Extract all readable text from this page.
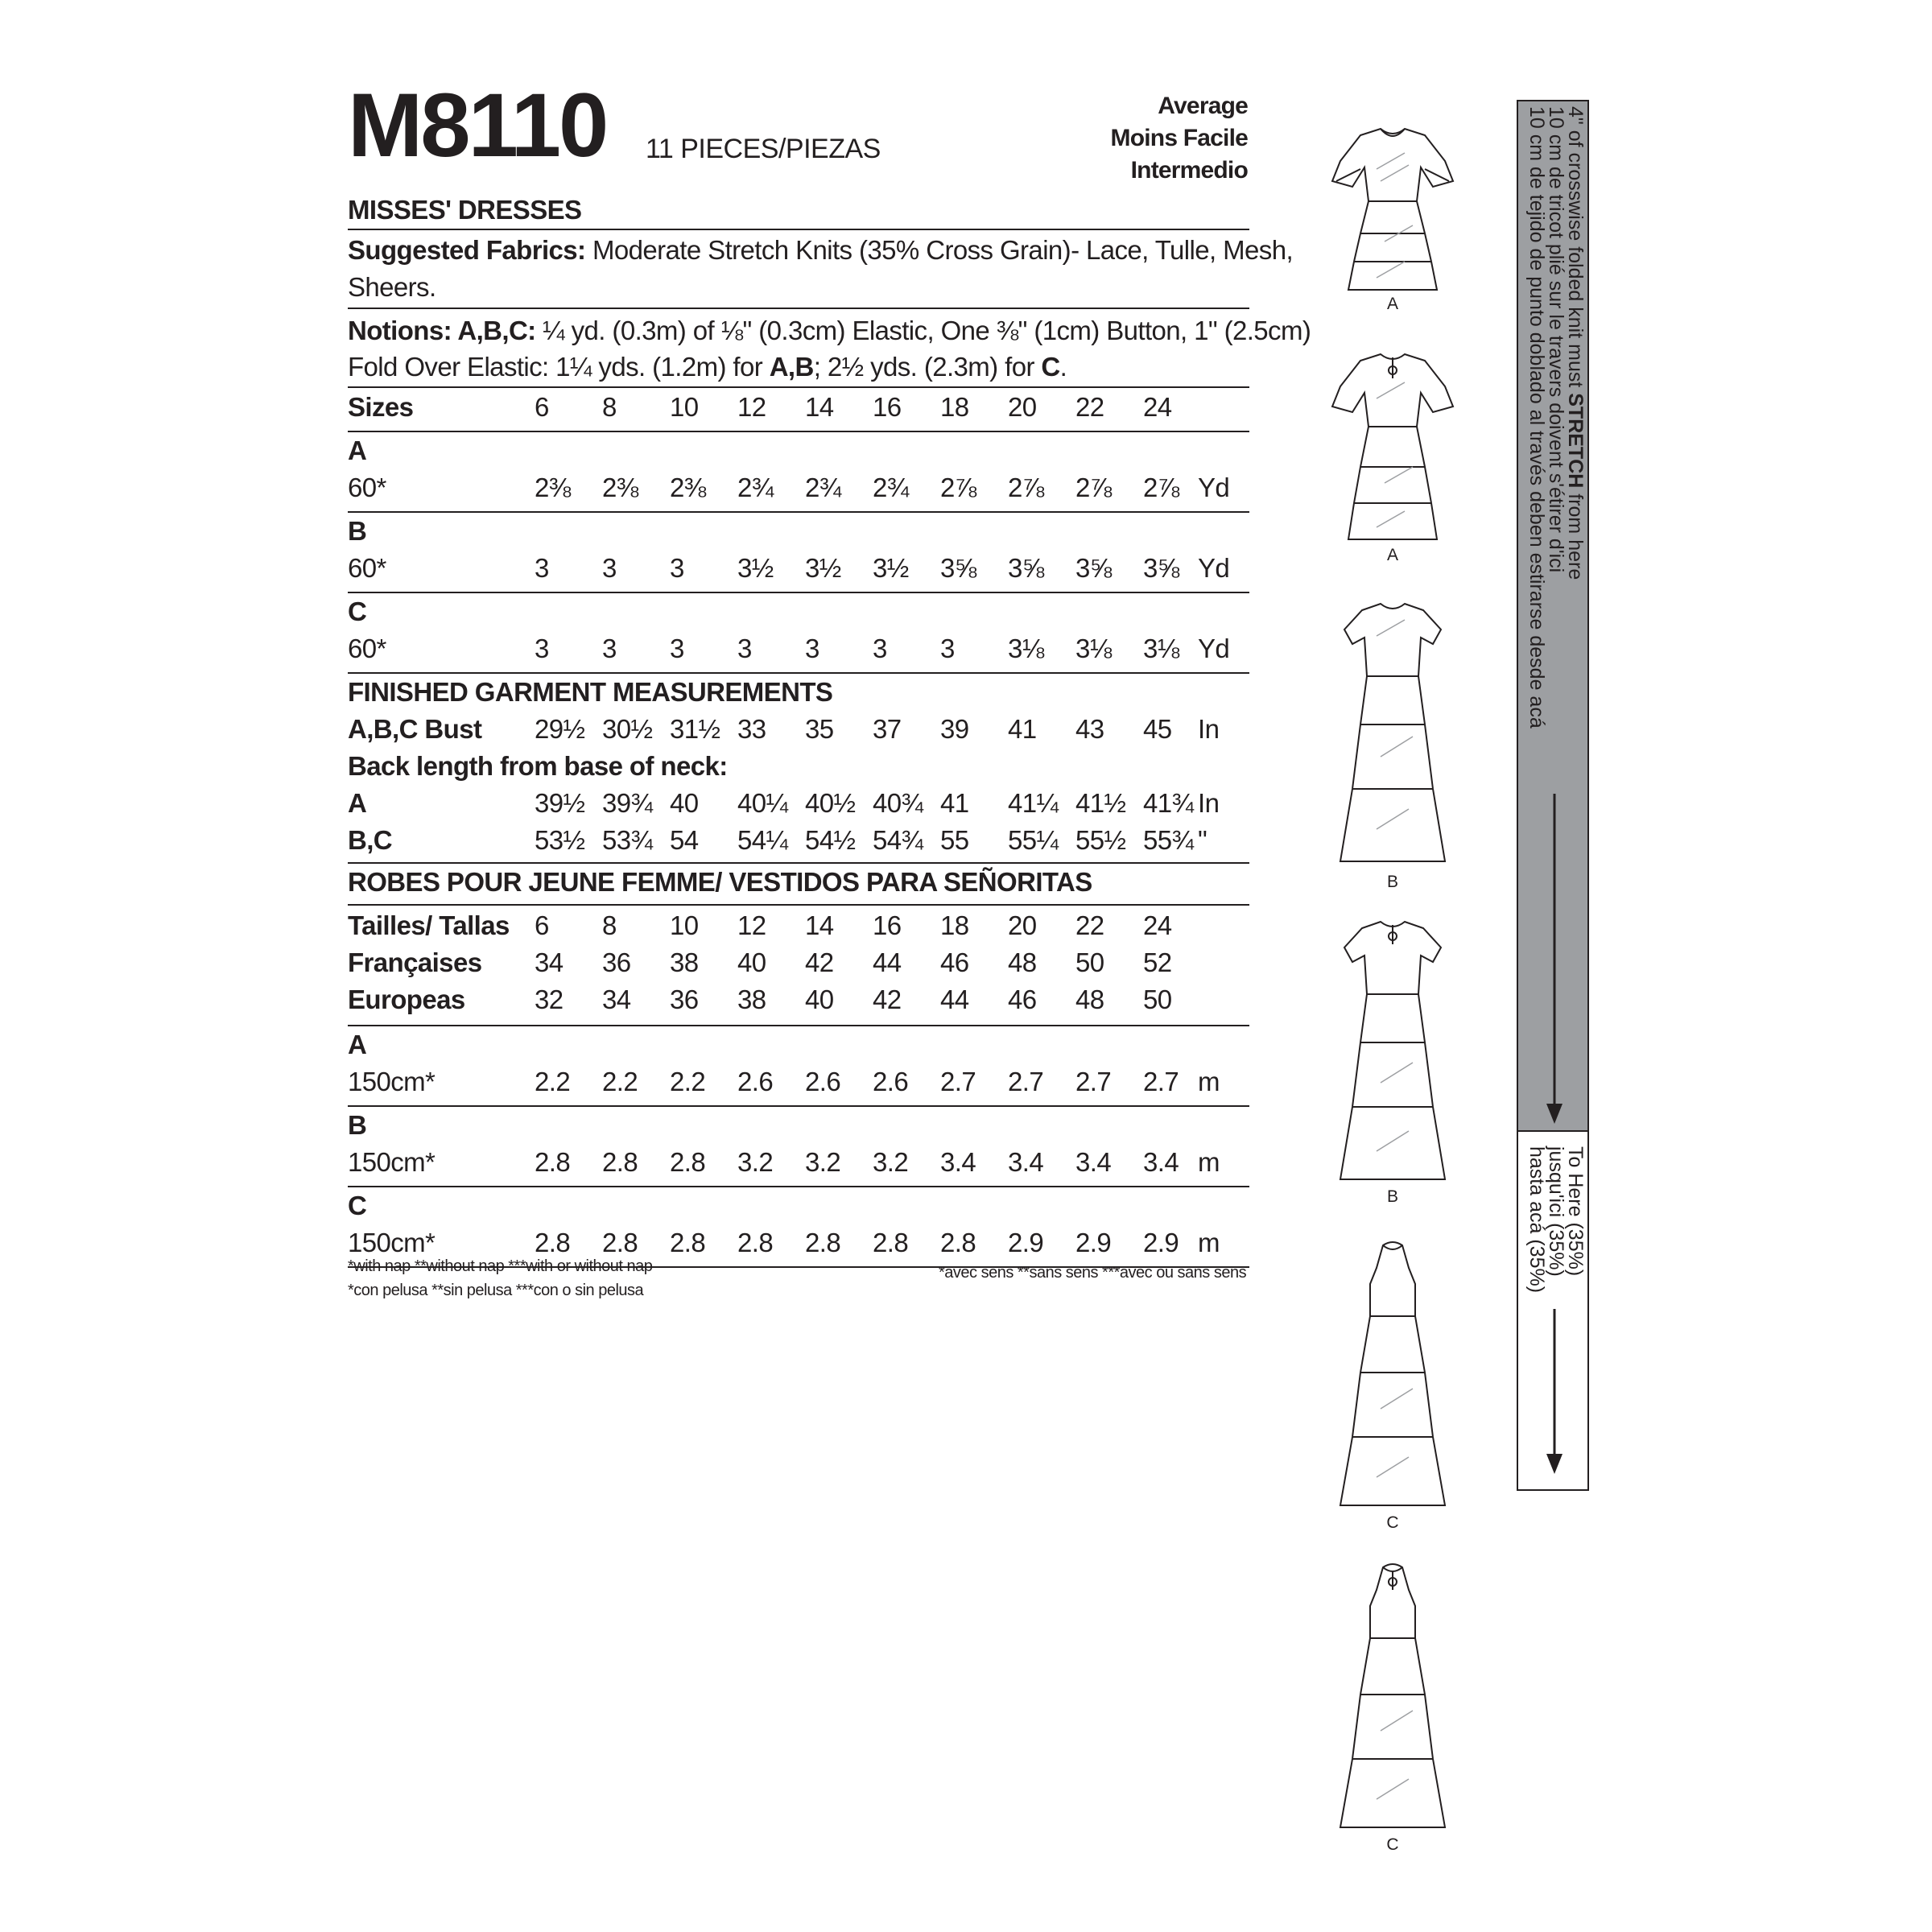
M8110 11 PIECES/PIEZAS
Average
Moins Facile
Intermedio
MISSES' DRESSES
Suggested Fabrics: Moderate Stretch Knits (35% Cross Grain)- Lace, Tulle, Mesh,
Sheers.
Notions: A,B,C: ¼ yd. (0.3m) of ⅛" (0.3cm) Elastic, One ⅜" (1cm) Button, 1" (2.5cm)
Fold Over Elastic: 1¼ yds. (1.2m) for A,B; 2½ yds. (2.3m) for C.
Sizes	6	8	10	12	14	16	18	20	22	24
A
60*	2⅜	2⅜	2⅜	2¾	2¾	2¾	2⅞	2⅞	2⅞	2⅞ Yd
B
60*	3	3	3	3½	3½	3½	3⅝	3⅝	3⅝	3⅝ Yd
C
60*	3	3	3	3	3	3	3	3⅛	3⅛	3⅛ Yd
FINISHED GARMENT MEASUREMENTS
A,B,C Bust 29½ 30½ 31½ 33	35	37	39	41	43	45 In
Back length from base of neck:
A	39½ 39¾ 40	40¼ 40½ 40¾ 41	41¼ 41½ 41¾ In
B,C	53½ 53¾ 54	54¼ 54½ 54¾ 55	55¼ 55½ 55¾ "
ROBES POUR JEUNE FEMME/ VESTIDOS PARA SEÑORITAS
Tailles/ Tallas 6	8	10	12	14	16	18	20	22	24
Françaises 34	36	38	40	42	44	46	48	50	52
Europeas	32	34	36	38	40	42	44	46	48	50
A
150cm*	2.2	2.2	2.2	2.6	2.6	2.6	2.7	2.7	2.7	2.7 m
B
150cm*	2.8	2.8	2.8	3.2	3.2	3.2	3.4	3.4	3.4	3.4 m
C
150cm*	2.8	2.8	2.8	2.8	2.8	2.8	2.8	2.9	2.9	2.9 m
*with nap **without nap ***with or without nap
*con pelusa **sin pelusa ***con o sin pelusa
*avec sens **sans sens ***avec ou sans sens
A
A
B
B
C
C
4" of crosswise folded knit must STRETCH from here
10 cm de tricot plié sur le travers doivent s'étirer d'ici
10 cm de tejido de punto doblado al través deben estirarse desde acá
To Here (35%)
jusqu'ici (35%)
hasta acá (35%)
